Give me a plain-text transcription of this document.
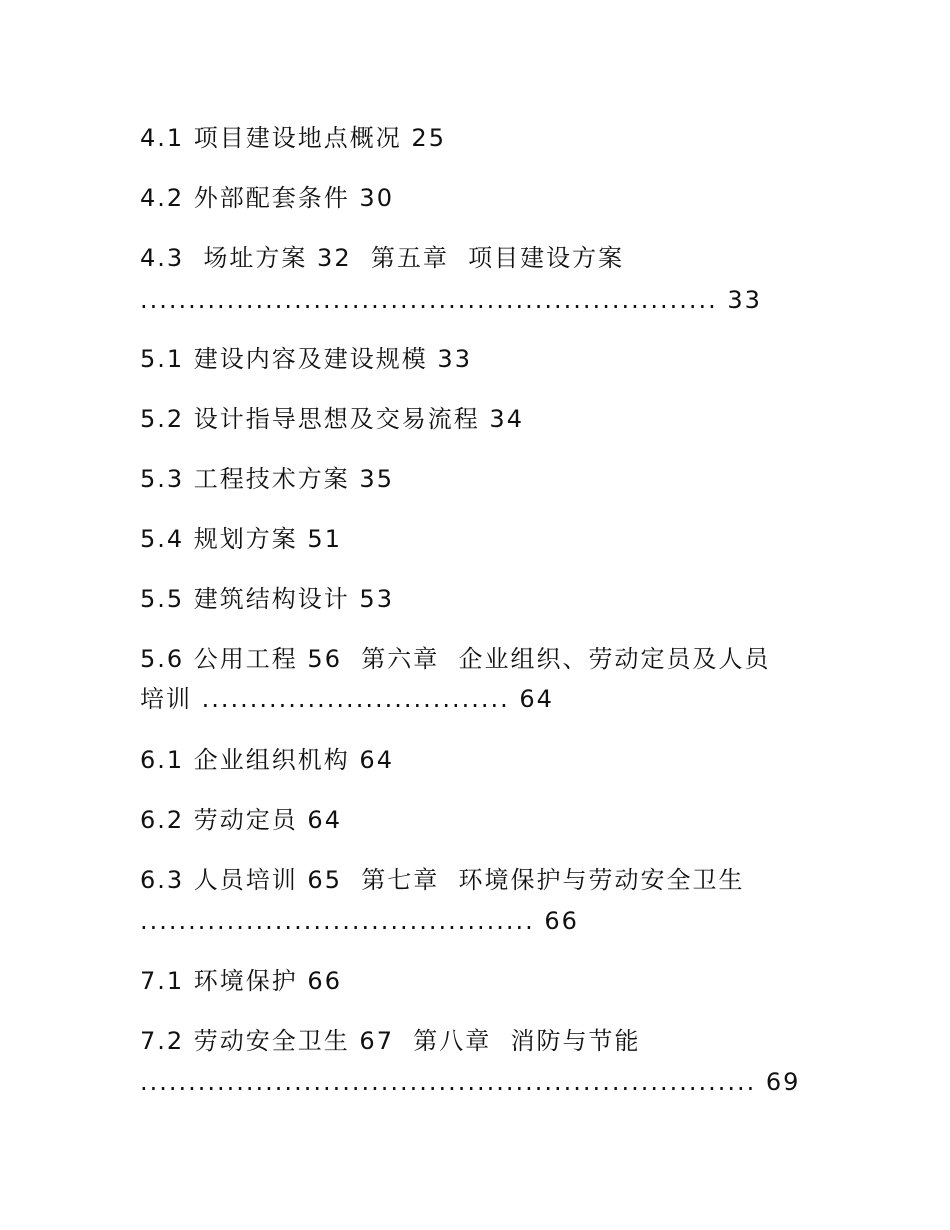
4.1 项目建设地点概况 25
4.2 外部配套条件 30
4.3  场址方案 32  第五章  项目建设方案
............................................................ 33
5.1 建设内容及建设规模 33
5.2 设计指导思想及交易流程 34
5.3 工程技术方案 35
5.4 规划方案 51
5.5 建筑结构设计 53
5.6 公用工程 56  第六章  企业组织、劳动定员及人员
培训 ................................ 64
6.1 企业组织机构 64
6.2 劳动定员 64
6.3 人员培训 65  第七章  环境保护与劳动安全卫生
......................................... 66
7.1 环境保护 66
7.2 劳动安全卫生 67  第八章  消防与节能
................................................................ 69
